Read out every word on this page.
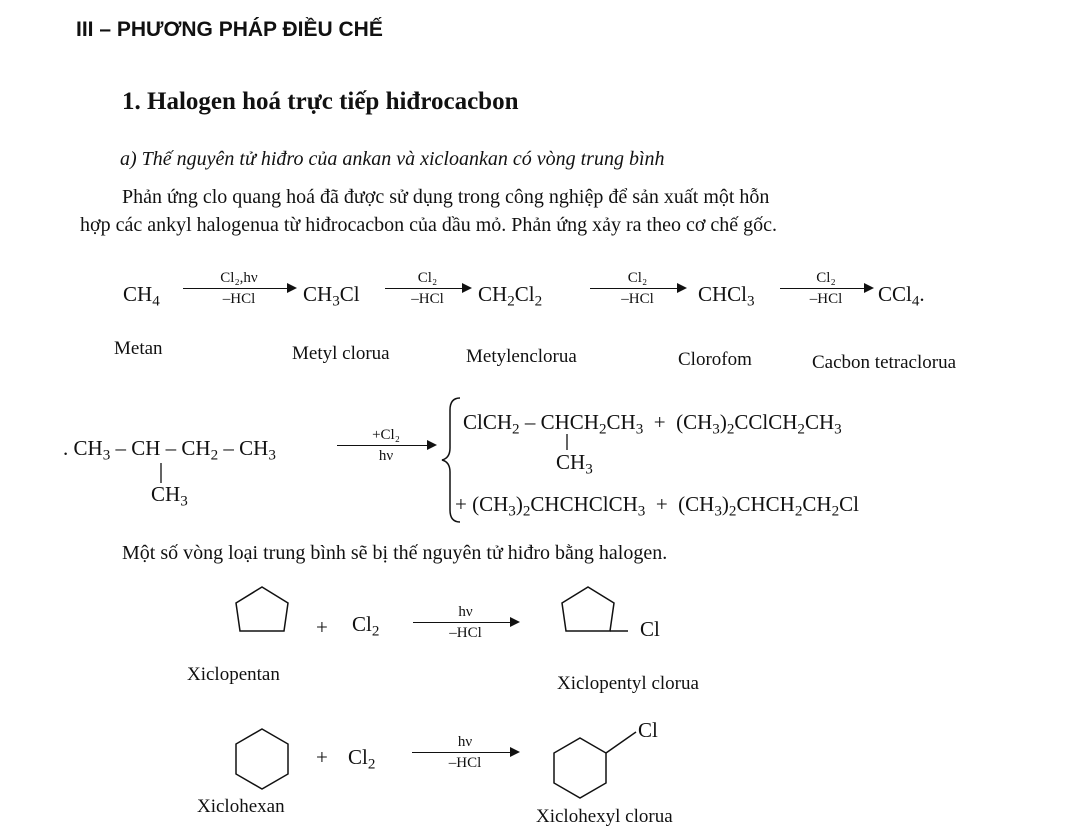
III – PHƯƠNG PHÁP ĐIỀU CHẾ
1. Halogen hoá trực tiếp hiđrocacbon
a) Thế nguyên tử hiđro của ankan và xicloankan có vòng trung bình
Phản ứng clo quang hoá đã được sử dụng trong công nghiệp để sản xuất một hỗn
hợp các ankyl halogenua từ hiđrocacbon của dầu mỏ. Phản ứng xảy ra theo cơ chế gốc.
$CH_4$
Cl₂,hν
–HCl	$CH_3Cl$
Cl₂
–HCl	$CH_2Cl_2$
Cl₂
–HCl	CHCl$_3$
Cl₂
–HCl	CCl$_4$.
Metan	Metyl clorua	Metylenclorua	Clorofom	Cacbon tetraclorua
. $CH_3$ – CH – $CH_2 - CH_3$
$CH_3$
+Cl₂
hν
ClCH$_2$ – $CHCH_2CH_3$  +  $(CH_3)_2CClCH_2CH_3$
$CH_3$
+ $(CH_3)_2CHCHClCH_3$  +  $(CH_3)_2CHCH_2CH_2Cl$
Một số vòng loại trung bình sẽ bị thế nguyên tử hiđro bằng halogen.
+ $Cl_2$
hν
–HCl	Cl
Xiclopentan	Xiclopentyl clorua
+ $Cl_2$
hν
–HCl
Cl
Xiclohexan	Xiclohexyl clorua
